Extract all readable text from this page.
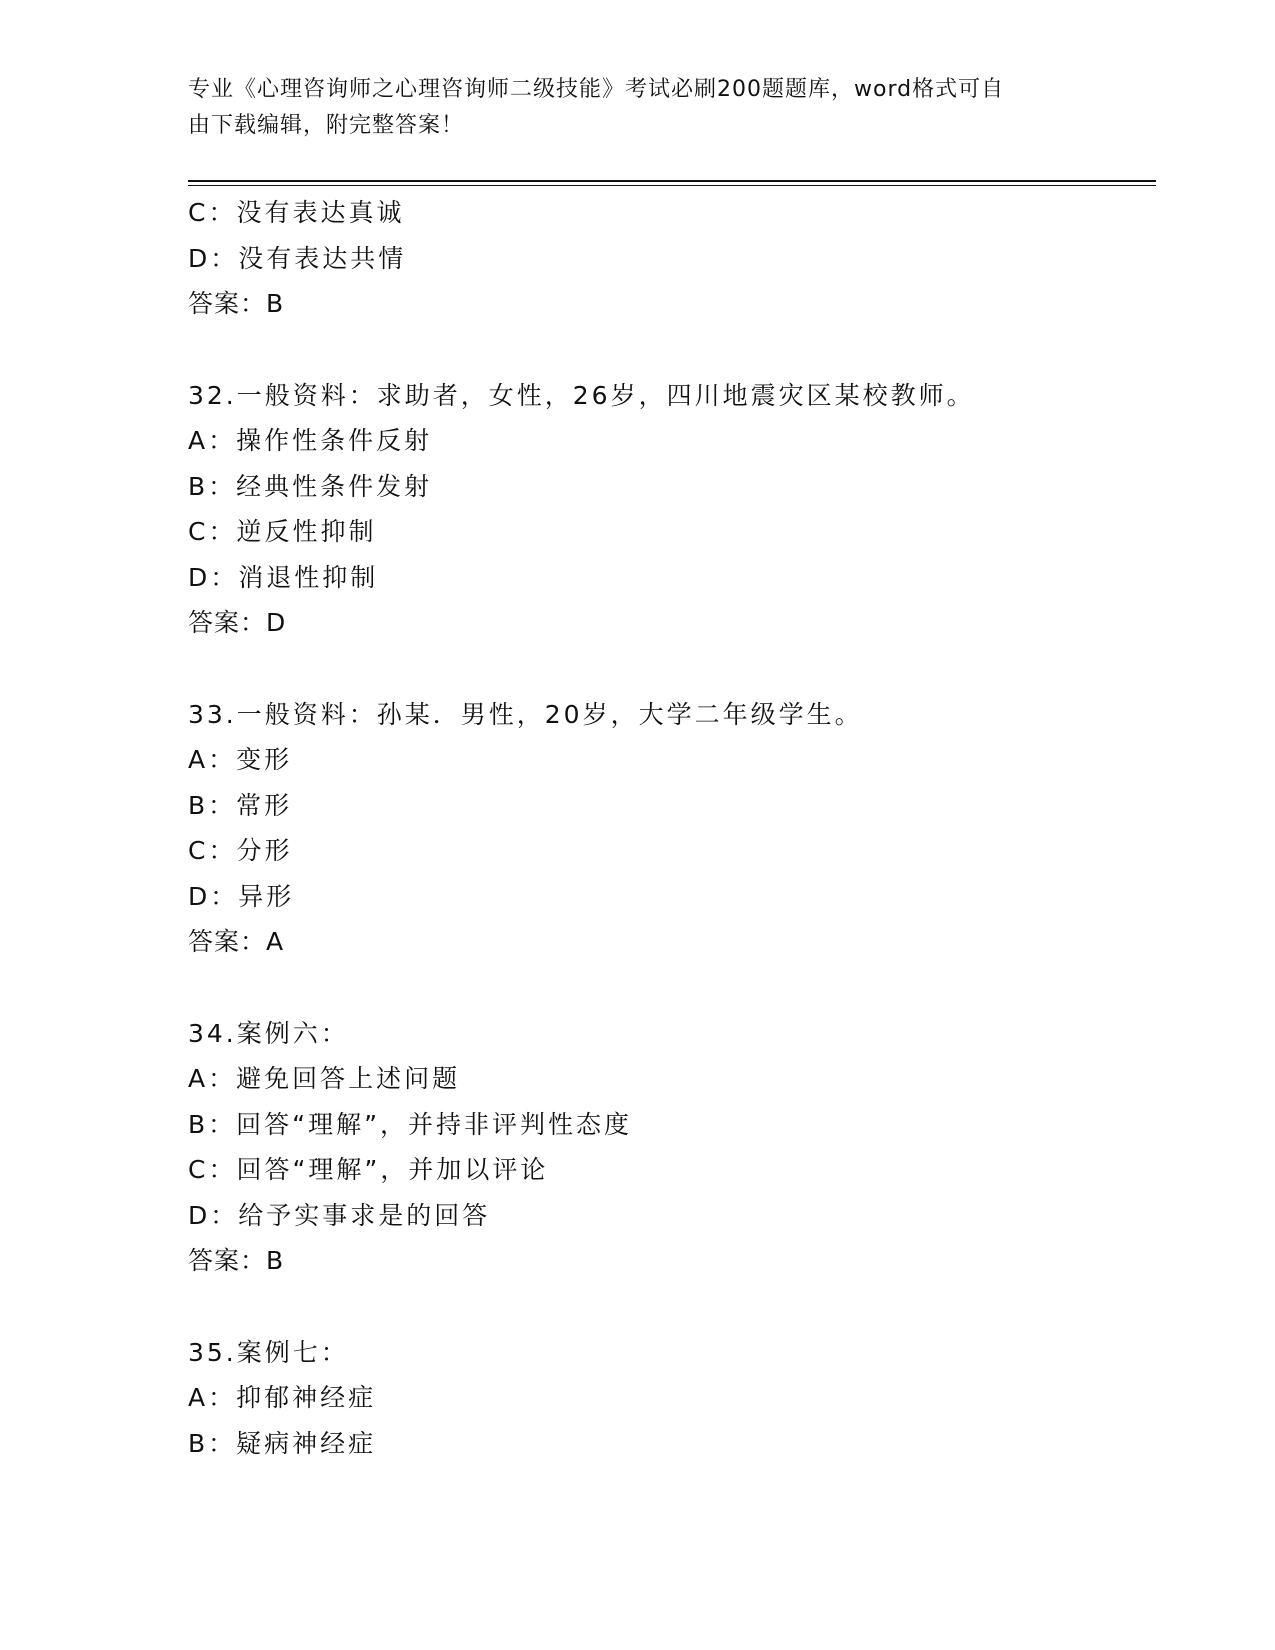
专业《心理咨询师之心理咨询师二级技能》考试必刷200题题库，word格式可自
由下载编辑，附完整答案！
C：没有表达真诚
D：没有表达共情
答案：B
32.一般资料：求助者，女性，26岁，四川地震灾区某校教师。
A：操作性条件反射
B：经典性条件发射
C：逆反性抑制
D：消退性抑制
答案：D
33.一般资料：孙某．男性，20岁，大学二年级学生。
A：变形
B：常形
C：分形
D：异形
答案：A
34.案例六：
A：避免回答上述问题
B：回答“理解”，并持非评判性态度
C：回答“理解”，并加以评论
D：给予实事求是的回答
答案：B
35.案例七：
A：抑郁神经症
B：疑病神经症
